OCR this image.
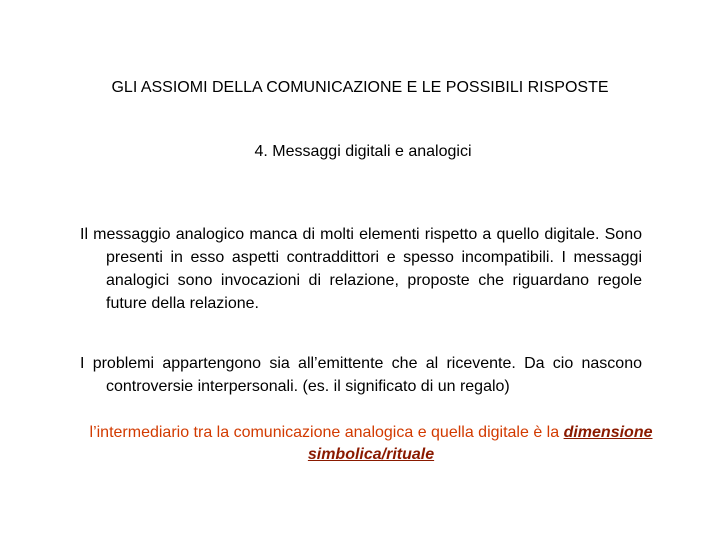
GLI ASSIOMI DELLA COMUNICAZIONE E LE POSSIBILI RISPOSTE
4. Messaggi digitali e analogici

Il messaggio analogico manca di molti elementi rispetto a quello digitale. Sono presenti in esso aspetti contraddittori e spesso incompatibili. I messaggi analogici sono invocazioni di relazione, proposte che riguardano regole future della relazione.

I problemi appartengono sia all’emittente che al ricevente. Da cio nascono controversie interpersonali. (es. il significato di un regalo)

l’intermediario tra la comunicazione analogica e quella digitale è la dimensione simbolica/rituale
